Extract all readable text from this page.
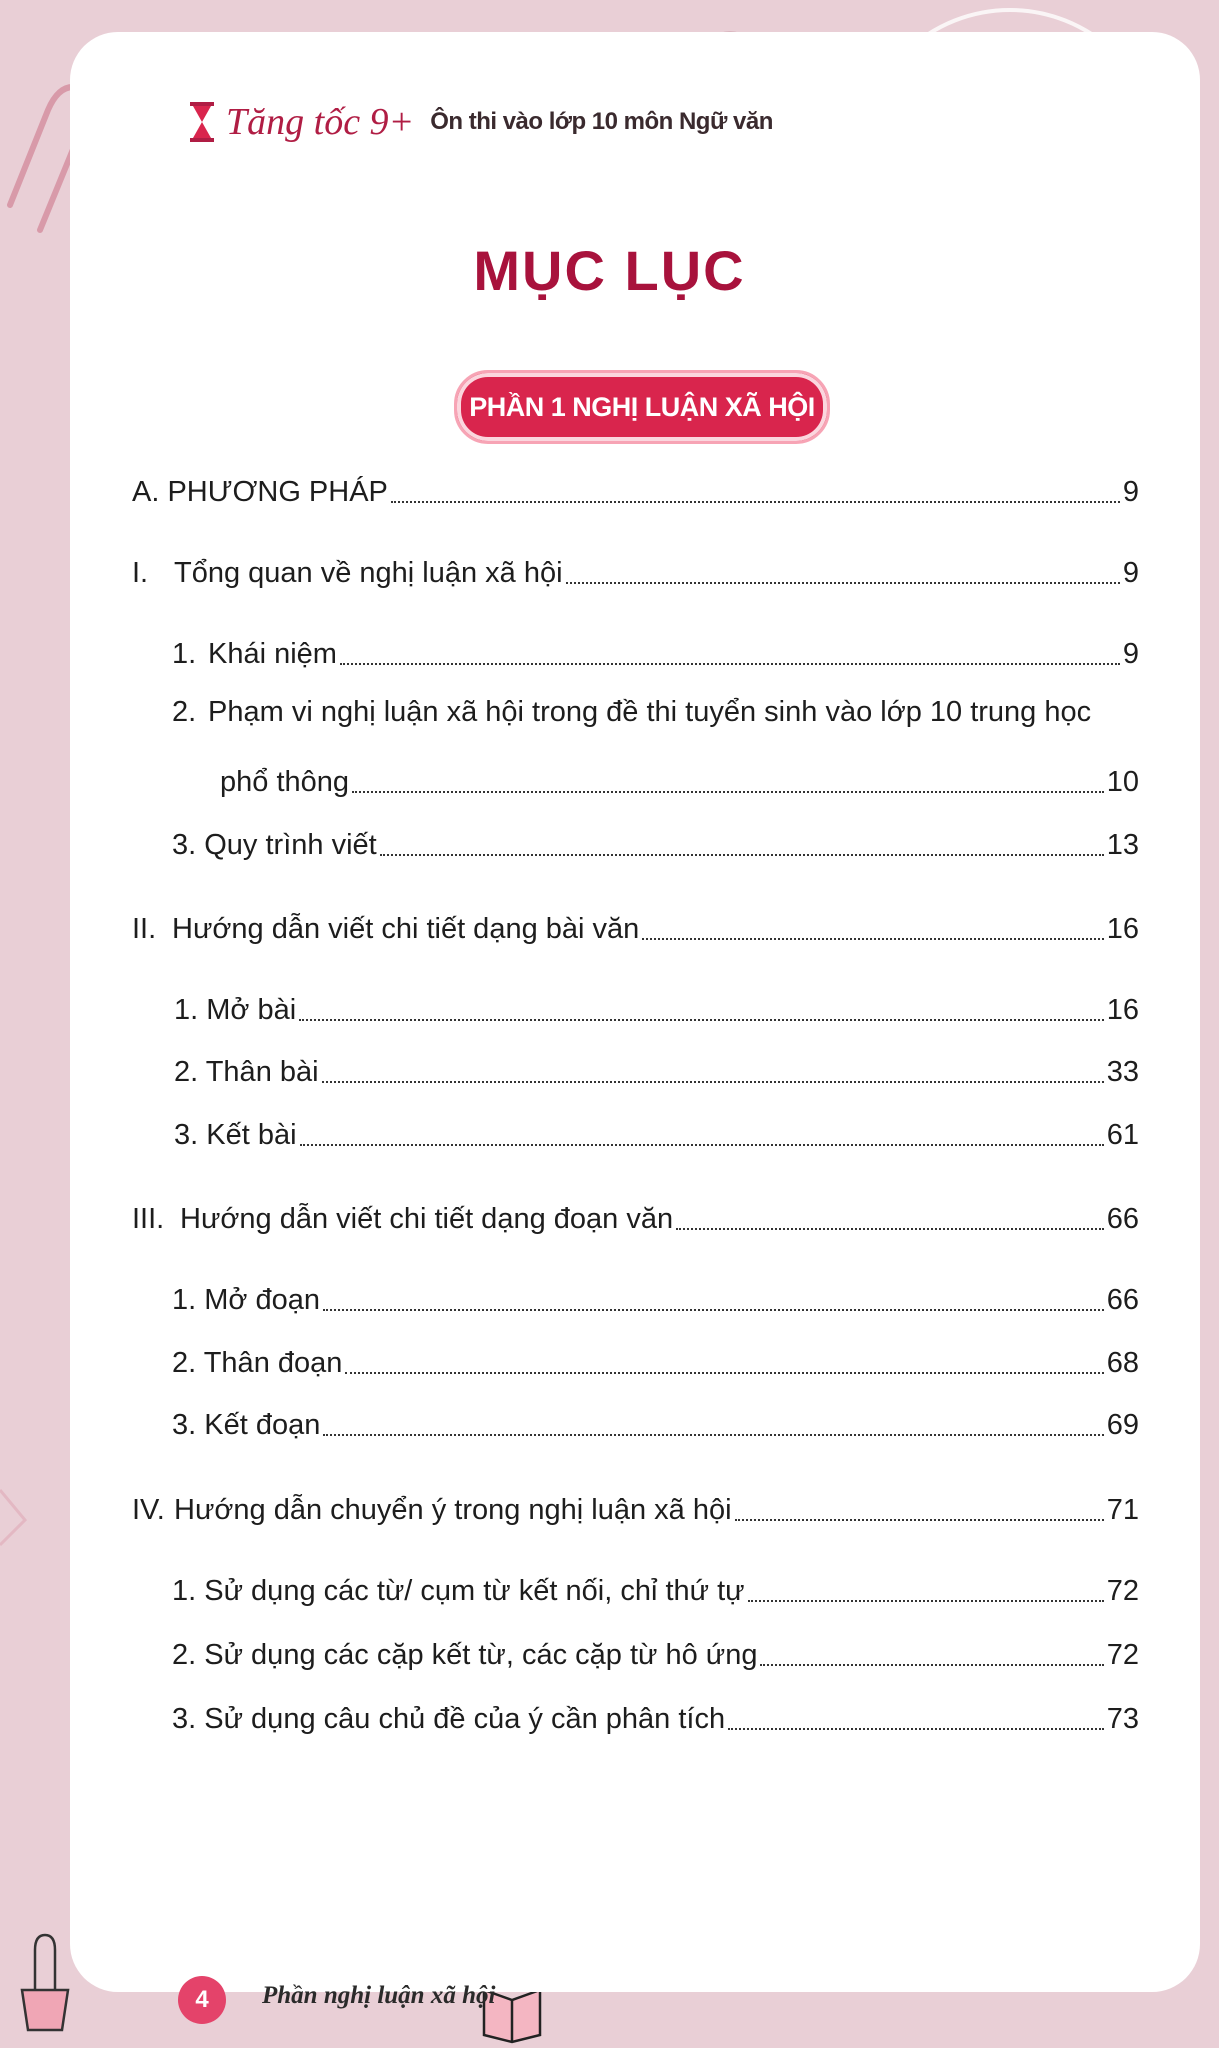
Tăng tốc 9+ Ôn thi vào lớp 10 môn Ngữ văn
MỤC LỤC
PHẦN 1 NGHỊ LUẬN XÃ HỘI
A. PHƯƠNG PHÁP	9
I. Tổng quan về nghị luận xã hội	9
1. Khái niệm	9
2. Phạm vi nghị luận xã hội trong đề thi tuyển sinh vào lớp 10 trung học
phổ thông	10
3. Quy trình viết	13
II. Hướng dẫn viết chi tiết dạng bài văn	16
1. Mở bài	16
2. Thân bài	33
3. Kết bài	61
III. Hướng dẫn viết chi tiết dạng đoạn văn	66
1. Mở đoạn	66
2. Thân đoạn	68
3. Kết đoạn	69
IV. Hướng dẫn chuyển ý trong nghị luận xã hội	71
1. Sử dụng các từ/ cụm từ kết nối, chỉ thứ tự	72
2. Sử dụng các cặp kết từ, các cặp từ hô ứng	72
3. Sử dụng câu chủ đề của ý cần phân tích	73
4	Phần nghị luận xã hội
